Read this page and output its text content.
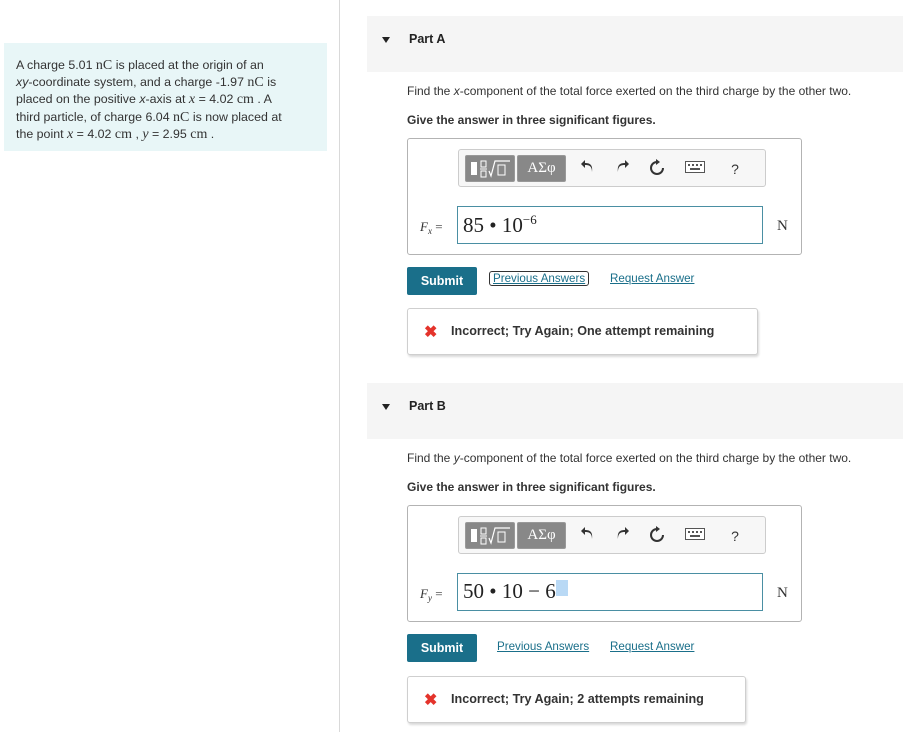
A charge 5.01 nC is placed at the origin of an
xy-coordinate system, and a charge -1.97 nC is
placed on the positive x-axis at x = 4.02 cm . A
third particle, of charge 6.04 nC is now placed at
the point x = 4.02 cm , y = 2.95 cm .
Part A
Find the x-component of the total force exerted on the third charge by the other two.
Give the answer in three significant figures.
ΑΣφ	?
$F_x = 85$ • $10^{-6}$	N
Submit	Previous Answers Request Answer
✖ Incorrect; Try Again; One attempt remaining
Part B
Find the y-component of the total force exerted on the third charge by the other two.
Give the answer in three significant figures.
ΑΣφ	?
$F_y = 50$ • 10 − 6	N
Submit	Previous Answers Request Answer
✖ Incorrect; Try Again; 2 attempts remaining
